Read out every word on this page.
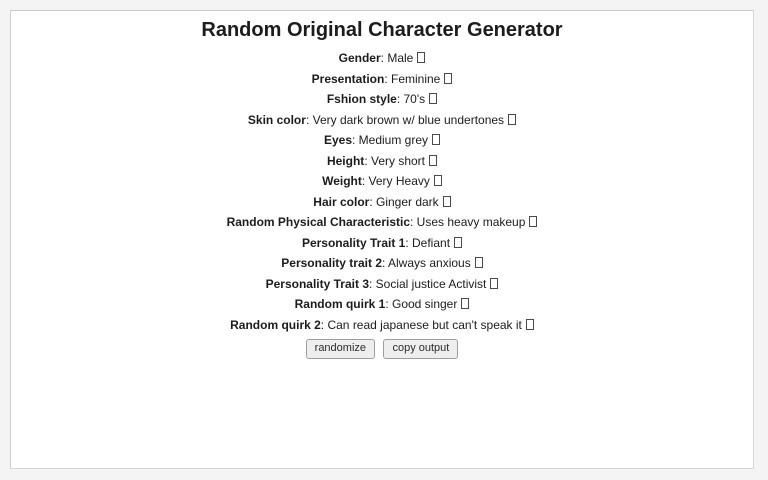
Random Original Character Generator

Gender: Male

Presentation: Feminine

Fshion style: 70's

Skin color: Very dark brown w/ blue undertones

Eyes: Medium grey

Height: Very short

Weight: Very Heavy

Hair color: Ginger dark

Random Physical Characteristic: Uses heavy makeup

Personality Trait 1: Defiant

Personality trait 2: Always anxious

Personality Trait 3: Social justice Activist

Random quirk 1: Good singer

Random quirk 2: Can read japanese but can't speak it

randomize copy output
